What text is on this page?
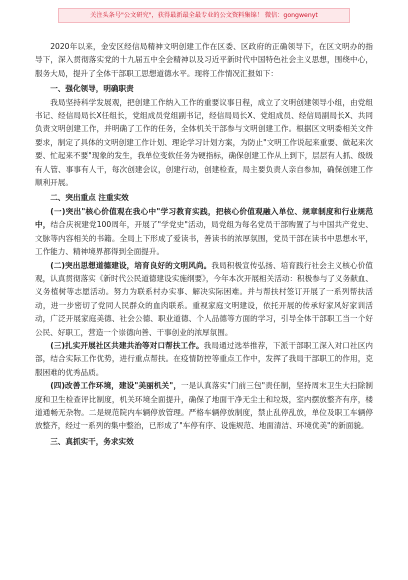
关注头条号"公文研究"，获得最新最全最专业的公文资料集锦！ 微信：gongwenyt

2020年以来，金安区经信局精神文明创建工作在区委、区政府的正确领导下，在区文明办的指导下，深入贯彻落实党的十九届五中全会精神以及习近平新时代中国特色社会主义思想，围绕中心，服务大局，提升了全体干部职工思想道德水平。现将工作情况汇报如下：

一、强化领导，明确职责

我局坚持科学发展观，把创建工作纳入工作的重要议事日程，成立了文明创建领导小组，由党组书记、经信局局长Ⅹ任组长，党组成员党组副书记，经信局局长Ⅹ、党组成员、经信局副局长Ⅹ、共同负责文明创建工作，并明确了工作的任务，全体机关干部参与文明创建工作。根据区文明委相关文件要求，制定了具体的文明创建工作计划、理论学习计划方案，为防止"文明工作说起来重要、做起来次要、忙起来不要"现象的发生，我单位变软任务为硬指标，确保创建工作从上到下，层层有人抓、级级有人管、事事有人干，每次创建会议，创建行动，创建检查，局主要负责人亲自参加，确保创建工作顺利开展。

二、突出重点 注重实效

(一)突出"核心价值观在我心中"学习教育实践，把核心价值观融入单位、规章制度和行业规范中，结合庆祝建党100周年，开展了"学党史"活动，局党组为每名党员干部购置了与中国共产党史、文脉等内容相关的书籍。全局上下形成了爱读书，善读书的浓厚氛围，党员干部在读书中思想水平，工作能力、精神境界都得到全面提升。

(二)突出思想道德建设，培育良好的文明风尚。我局积极宣传弘扬、培育践行社会主义核心价值观，认真贯彻落实《新时代公民道德建设实施纲要》，今年本次开展相关活动：积极参与了义务献血、义务植树等志愿活动。努力为联系村办实事、解决实际困难。并与帮扶村签订开展了一系列帮扶活动，进一步密切了党同人民群众的血肉联系。重视家庭文明建设，依托开展的传承好家风好家训活动，广泛开展家庭美德、社会公德、职业道德、个人品德等方面的学习，引导全体干部职工当一个好公民、好职工，营造一个崇德向善、干事创业的浓厚氛围。

(三)扎实开展社区共建共治等对口帮扶工作。我局通过选举推荐，下派干部职工深入对口社区内部，结合实际工作优势，进行重点帮扶。在疫情防控等重点工作中，发挥了我局干部职工的作用，克服困难的优秀品质。

(四)改善工作环境，建设"美丽机关"，一是认真落实"门前三包"责任制，坚持周末卫生大扫除制度和卫生检查评比制度，机关环境全面提升，确保了地面干净无尘土和垃圾，室内摆放整齐有序，楼道通畅无杂物。二是规范院内车辆停放管理。严格车辆停放制度，禁止乱停乱放，单位及职工车辆停放整齐，经过一系列的集中整治，已形成了"车停有序、设施规范、地面清洁、环境优美"的新面貌。

三、真抓实干，务求实效
